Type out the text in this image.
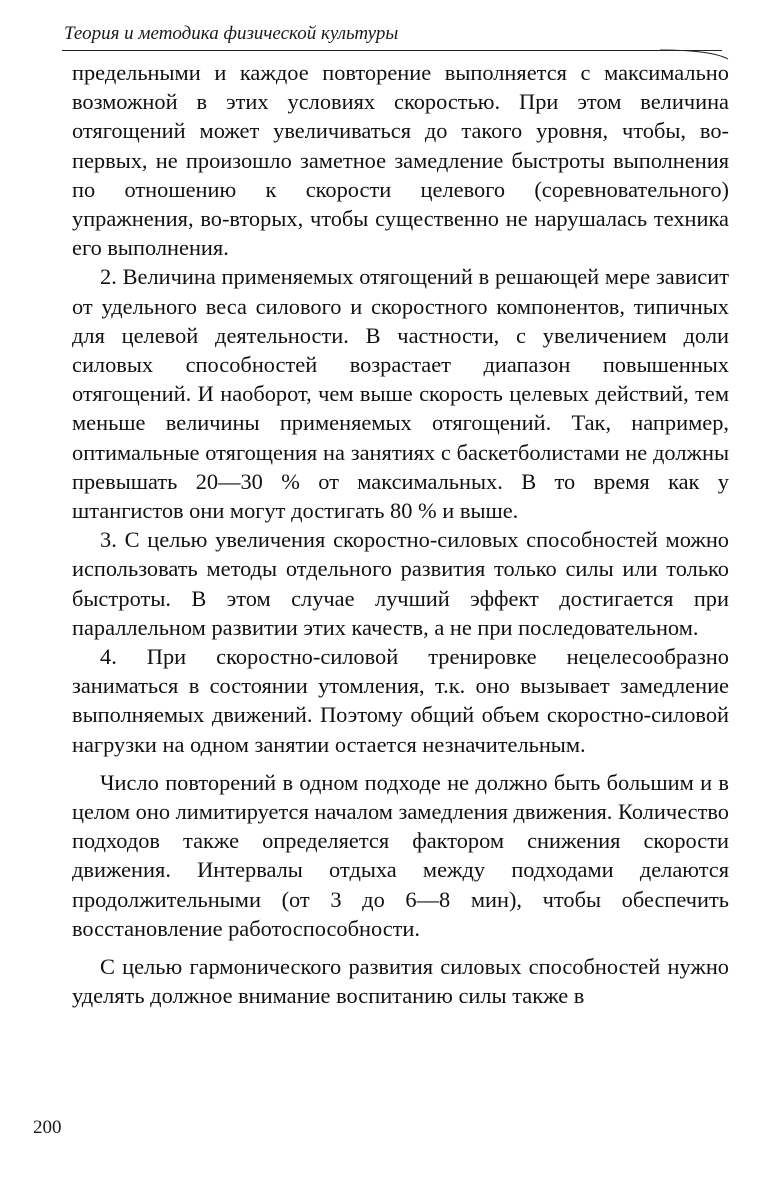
Теория и методика физической культуры

предельными и каждое повторение выполняется с максимально возможной в этих условиях скоростью. При этом величина отягощений может увеличиваться до такого уровня, чтобы, во-первых, не произошло заметное замедление быстроты выполнения по отношению к скорости целевого (соревновательного) упражнения, во-вторых, чтобы существенно не нарушалась техника его выполнения.

2. Величина применяемых отягощений в решающей мере зависит от удельного веса силового и скоростного компонентов, типичных для целевой деятельности. В частности, с увеличением доли силовых способностей возрастает диапазон повышенных отягощений. И наоборот, чем выше скорость целевых действий, тем меньше величины применяемых отягощений. Так, например, оптимальные отягощения на занятиях с баскетболистами не должны превышать 20—30 % от максимальных. В то время как у штангистов они могут достигать 80 % и выше.

3. С целью увеличения скоростно-силовых способностей можно использовать методы отдельного развития только силы или только быстроты. В этом случае лучший эффект достигается при параллельном развитии этих качеств, а не при последовательном.

4. При скоростно-силовой тренировке нецелесообразно заниматься в состоянии утомления, т.к. оно вызывает замедление выполняемых движений. Поэтому общий объем скоростно-силовой нагрузки на одном занятии остается незначительным.

Число повторений в одном подходе не должно быть большим и в целом оно лимитируется началом замедления движения. Количество подходов также определяется фактором снижения скорости движения. Интервалы отдыха между подходами делаются продолжительными (от 3 до 6—8 мин), чтобы обеспечить восстановление работоспособности.

С целью гармонического развития силовых способностей нужно уделять должное внимание воспитанию силы также в

200
